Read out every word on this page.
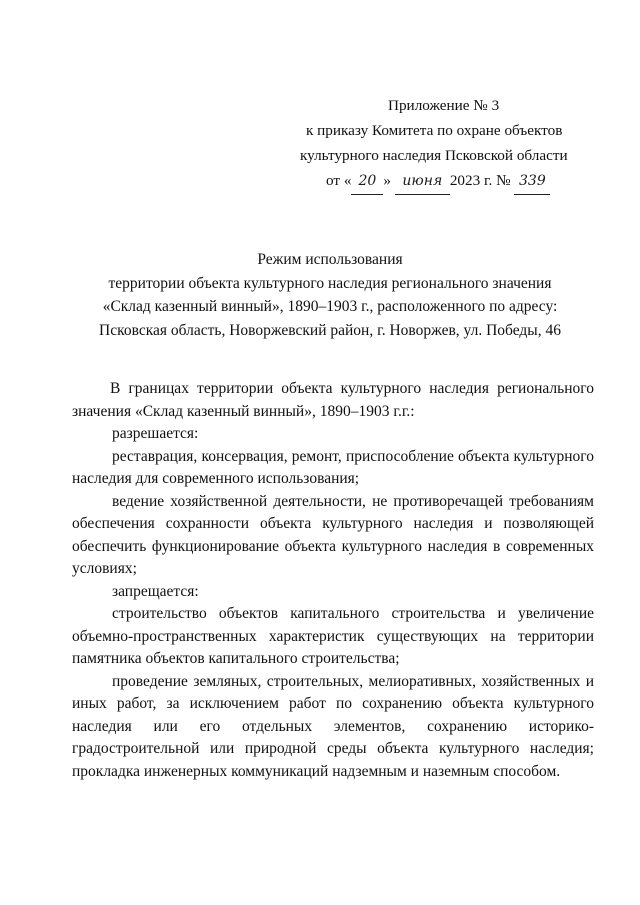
Приложение № 3
к приказу Комитета по охране объектов
культурного наследия Псковской области
от « 20 » июня 2023 г. № 339
Режим использования
территории объекта культурного наследия регионального значения
«Склад казенный винный», 1890–1903 г., расположенного по адресу:
Псковская область, Новоржевский район, г. Новоржев, ул. Победы, 46

В границах территории объекта культурного наследия регионального значения «Склад казенный винный», 1890–1903 г.г.:

разрешается:

реставрация, консервация, ремонт, приспособление объекта культурного наследия для современного использования;

ведение хозяйственной деятельности, не противоречащей требованиям обеспечения сохранности объекта культурного наследия и позволяющей обеспечить функционирование объекта культурного наследия в современных условиях;

запрещается:

строительство объектов капитального строительства и увеличение объемно-пространственных характеристик существующих на территории памятника объектов капитального строительства;

проведение земляных, строительных, мелиоративных, хозяйственных и иных работ, за исключением работ по сохранению объекта культурного наследия или его отдельных элементов, сохранению историко-градостроительной или природной среды объекта культурного наследия; прокладка инженерных коммуникаций надземным и наземным способом.
